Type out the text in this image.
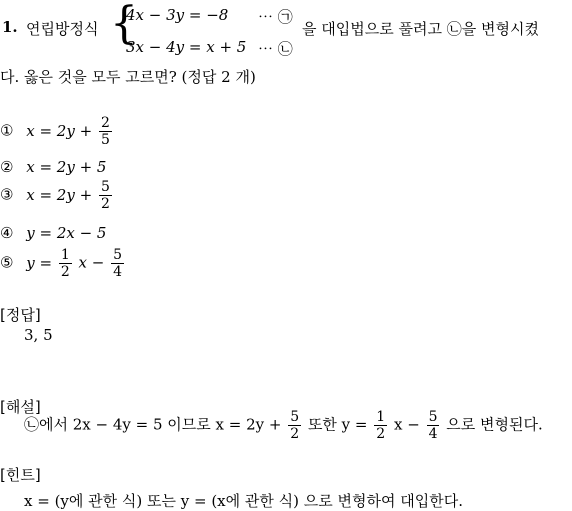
1. 연립방정식 {
4x − 3y = −8 ⋯ ㉠
3x − 4y = x + 5 ⋯ ㉡
을 대입법으로 풀려고 ㉡을 변형시켰
다. 옳은 것을 모두 고르면? (정답 2 개)
① $x = 2y + \frac{2}{5}$
② x = 2y + 5
③ $x = 2y + \frac{5}{2}$
④ y = 2x − 5
⑤ $y = \frac{1}{2}$ $x - \frac{5}{4}$
[정답]
3, 5
[해설]
㉡에서 2x − 4y = 5 이므로 $x = 2y + \frac{5}{2}$ 또한 $y = \frac{1}{2}$ $x - \frac{5}{4}$ 으로 변형된다.
[힌트]
x = (y에 관한 식) 또는 y = (x에 관한 식) 으로 변형하여 대입한다.
